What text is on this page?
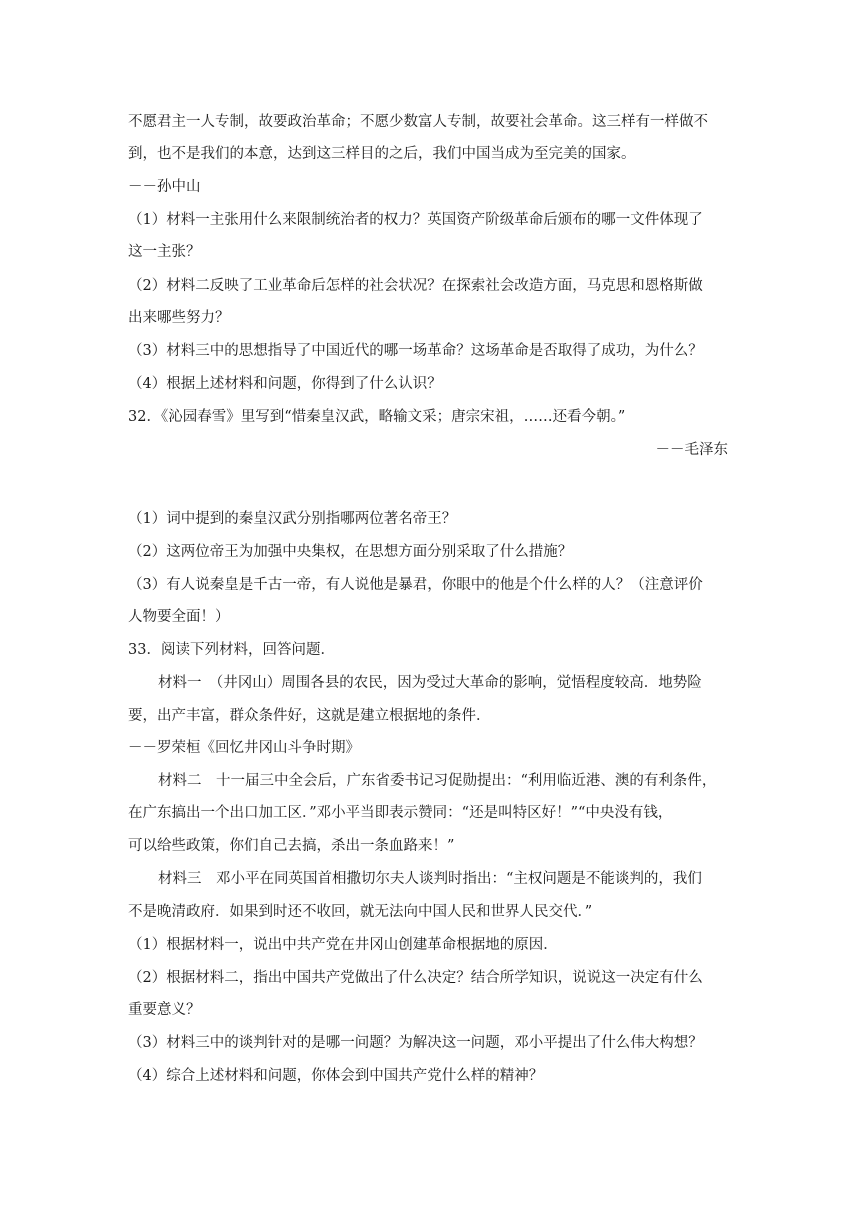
不愿君主一人专制，故要政治革命；不愿少数富人专制，故要社会革命。这三样有一样做不
到，也不是我们的本意，达到这三样目的之后，我们中国当成为至完美的国家。
－－孙中山
（1）材料一主张用什么来限制统治者的权力？英国资产阶级革命后颁布的哪一文件体现了
这一主张？
（2）材料二反映了工业革命后怎样的社会状况？在探索社会改造方面，马克思和恩格斯做
出来哪些努力？
（3）材料三中的思想指导了中国近代的哪一场革命？这场革命是否取得了成功，为什么？
（4）根据上述材料和问题，你得到了什么认识？
32．《沁园春雪》里写到“惜秦皇汉武，略输文采；唐宗宋祖，……还看今朝。”
－－毛泽东
（1）词中提到的秦皇汉武分别指哪两位著名帝王？
（2）这两位帝王为加强中央集权，在思想方面分别采取了什么措施？
（3）有人说秦皇是千古一帝，有人说他是暴君，你眼中的他是个什么样的人？（注意评价
人物要全面！）
33．阅读下列材料，回答问题．
材料一　（井冈山）周围各县的农民，因为受过大革命的影响，觉悟程度较高．地势险
要，出产丰富，群众条件好，这就是建立根据地的条件．
－－罗荣桓《回忆井冈山斗争时期》
材料二　十一届三中全会后，广东省委书记习促勋提出：“利用临近港、澳的有利条件，
在广东搞出一个出口加工区．”邓小平当即表示赞同：“还是叫特区好！”“中央没有钱，
可以给些政策，你们自己去搞，杀出一条血路来！”
材料三　邓小平在同英国首相撒切尔夫人谈判时指出：“主权问题是不能谈判的，我们
不是晚清政府．如果到时还不收回，就无法向中国人民和世界人民交代．”
（1）根据材料一，说出中共产党在井冈山创建革命根据地的原因．
（2）根据材料二，指出中国共产党做出了什么决定？结合所学知识，说说这一决定有什么
重要意义？
（3）材料三中的谈判针对的是哪一问题？为解决这一问题，邓小平提出了什么伟大构想？
（4）综合上述材料和问题，你体会到中国共产党什么样的精神？
